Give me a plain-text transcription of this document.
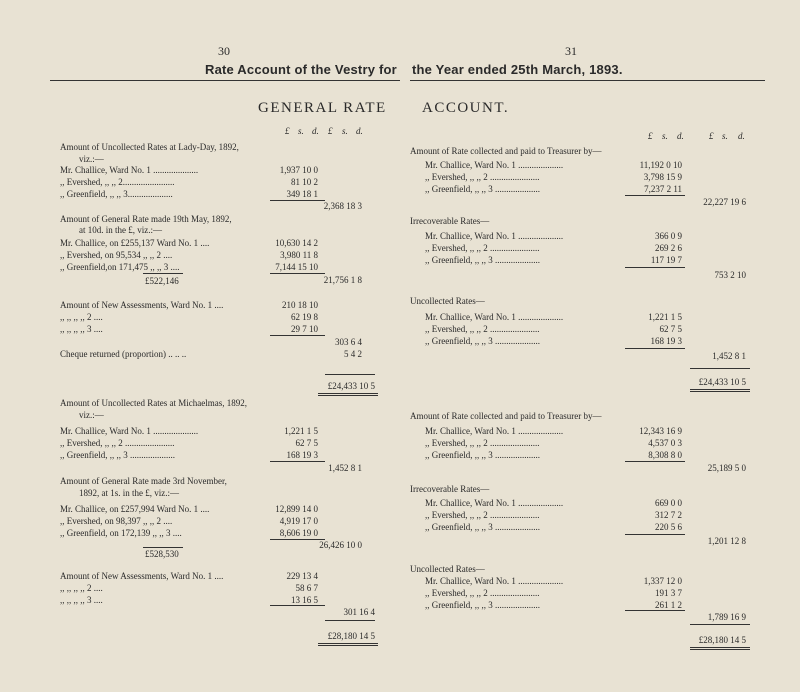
30	31
Rate Account of the Vestry for the Year ended 25th March, 1893.
GENERAL RATE ACCOUNT.
£ s. d. £ s. d.	£ s. d.	£ s. d.
Amount of Uncollected Rates at Lady-Day, 1892,
viz.:—
Mr. Challice, Ward No. 1 ....................	1,937 10 0
,, Evershed, ,, ,, 2.......................	81 10 2
,, Greenfield, ,, ,, 3....................	349 18 1
2,368 18 3
Amount of General Rate made 19th May, 1892,
at 10d. in the £, viz.:—
Mr. Challice, on £255,137 Ward No. 1 ....	10,630 14 2
,, Evershed, on 95,534 ,, ,, 2 ....	3,980 11 8
,, Greenfield,on 171,475 ,, ,, 3 ....	7,144 15 10
21,756 1 8
£522,146
Amount of New Assessments, Ward No. 1 ....	210 18 10
,, ,, ,, ,, 2 ....	62 19 8
,, ,, ,, ,, 3 ....	29 7 10
303 6 4
Cheque returned (proportion) .. .. ..	5 4 2
£24,433 10 5
Amount of Uncollected Rates at Michaelmas, 1892,
viz.:—
Mr. Challice, Ward No. 1 ....................	1,221 1 5
,, Evershed, ,, ,, 2 ......................	62 7 5
,, Greenfield, ,, ,, 3 ....................	168 19 3
1,452 8 1
Amount of General Rate made 3rd November,
1892, at 1s. in the £, viz.:—
Mr. Challice, on £257,994 Ward No. 1 ....	12,899 14 0
,, Evershed, on 98,397 ,, ,, 2 ....	4,919 17 0
,, Greenfield, on 172,139 ,, ,, 3 ....	8,606 19 0
26,426 10 0
£528,530
Amount of New Assessments, Ward No. 1 ....	229 13 4
,, ,, ,, ,, 2 ....	58 6 7
,, ,, ,, ,, 3 ....	13 16 5
301 16 4
£28,180 14 5
Amount of Rate collected and paid to Treasurer by—
Mr. Challice, Ward No. 1 ....................	11,192 0 10
,, Evershed, ,, ,, 2 ......................	3,798 15 9
,, Greenfield, ,, ,, 3 ....................	7,237 2 11
22,227 19 6
Irrecoverable Rates—
Mr. Challice, Ward No. 1 ....................	366 0 9
,, Evershed, ,, ,, 2 ......................	269 2 6
,, Greenfield, ,, ,, 3 ....................	117 19 7
753 2 10
Uncollected Rates—
Mr. Challice, Ward No. 1 ....................	1,221 1 5
,, Evershed, ,, ,, 2 ......................	62 7 5
,, Greenfield, ,, ,, 3 ....................	168 19 3
1,452 8 1
£24,433 10 5
Amount of Rate collected and paid to Treasurer by—
Mr. Challice, Ward No. 1 ....................	12,343 16 9
,, Evershed, ,, ,, 2 ......................	4,537 0 3
,, Greenfield, ,, ,, 3 ....................	8,308 8 0
25,189 5 0
Irrecoverable Rates—
Mr. Challice, Ward No. 1 ....................	669 0 0
,, Evershed, ,, ,, 2 ......................	312 7 2
,, Greenfield, ,, ,, 3 ....................	220 5 6
1,201 12 8
Uncollected Rates—
Mr. Challice, Ward No. 1 ....................	1,337 12 0
,, Evershed, ,, ,, 2 ......................	191 3 7
,, Greenfield, ,, ,, 3 ....................	261 1 2
1,789 16 9
£28,180 14 5
